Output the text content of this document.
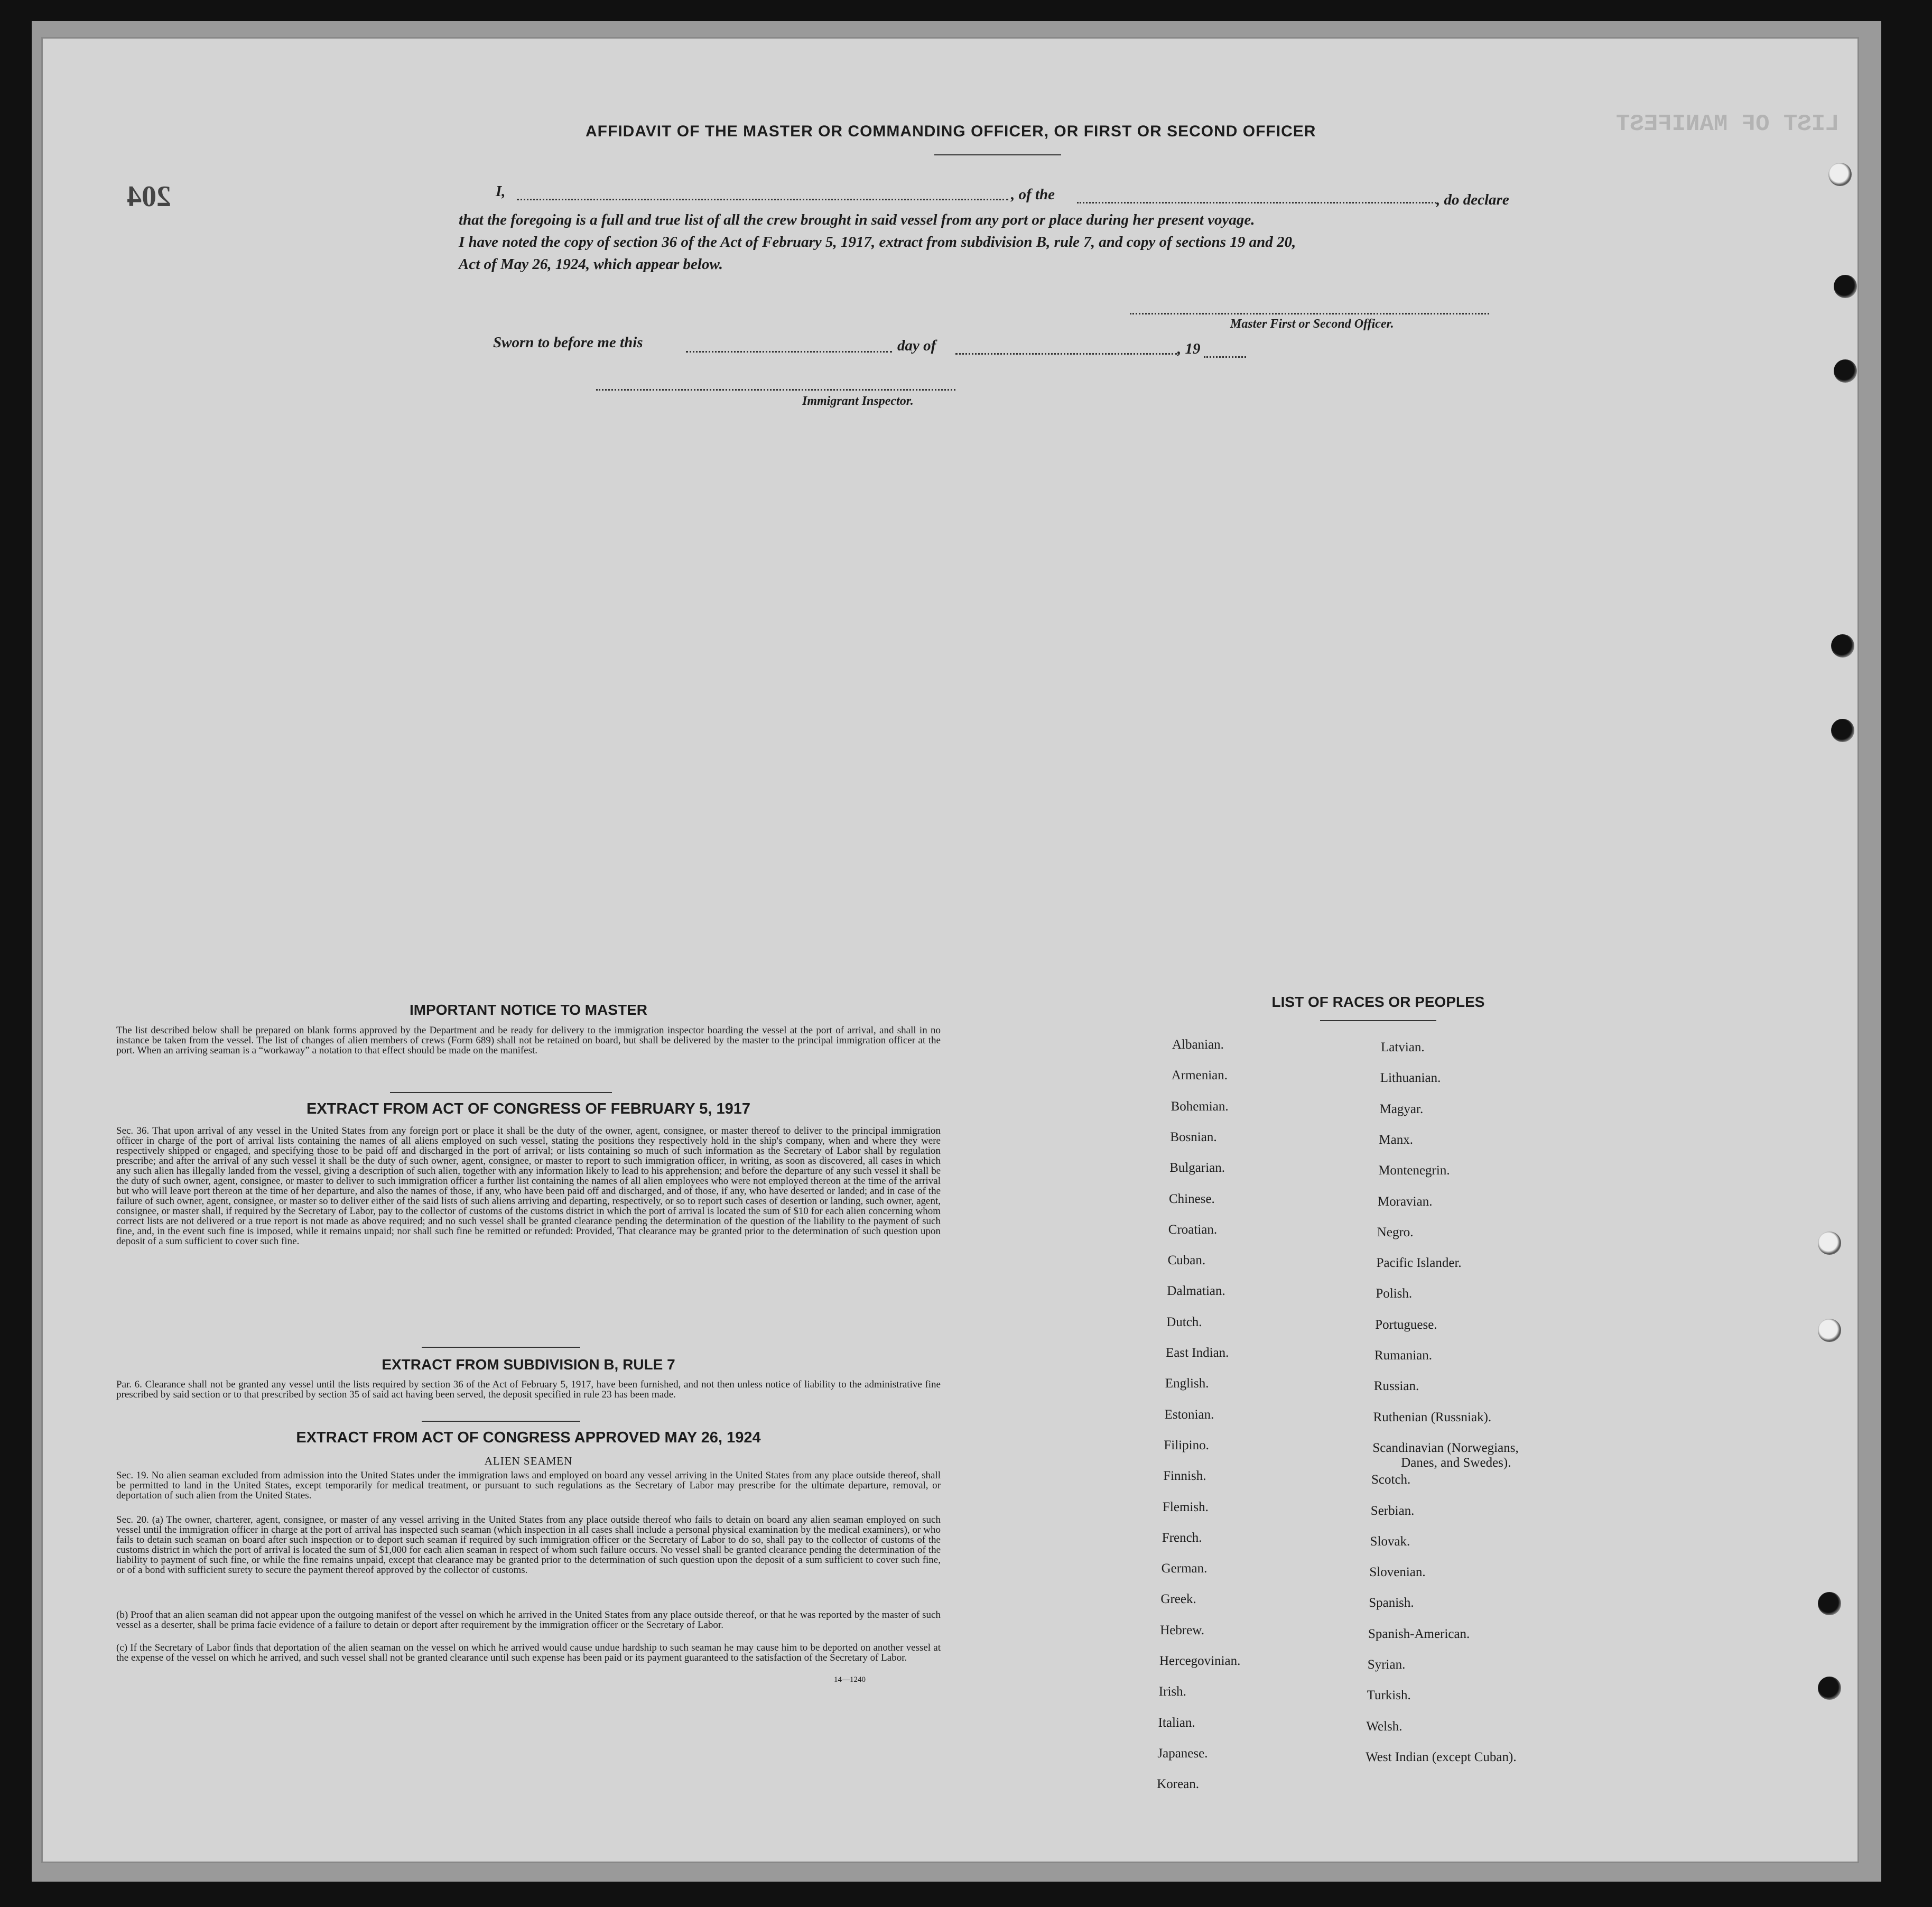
LIST OF MANIFEST
AFFIDAVIT OF THE MASTER OR COMMANDING OFFICER, OR FIRST OR SECOND OFFICER
204	I,	, of the	, do declare
that the foregoing is a full and true list of all the crew brought in said vessel from any port or place during her present voyage.
I have noted the copy of section 36 of the Act of February 5, 1917, extract from subdivision B, rule 7, and copy of sections 19 and 20,
Act of May 26, 1924, which appear below.
Master First or Second Officer.
Sworn to before me this	day of	, 19
Immigrant Inspector.
IMPORTANT NOTICE TO MASTER
The list described below shall be prepared on blank forms approved by the Department and be ready for delivery to the immigration inspector boarding the vessel at the port of arrival, and shall in no instance be taken from the vessel. The list of changes of alien members of crews (Form 689) shall not be retained on board, but shall be delivered by the master to the principal immigration officer at the port. When an arriving seaman is a “workaway” a notation to that effect should be made on the manifest.
EXTRACT FROM ACT OF CONGRESS OF FEBRUARY 5, 1917
Sec. 36. That upon arrival of any vessel in the United States from any foreign port or place it shall be the duty of the owner, agent, consignee, or master thereof to deliver to the principal immigration officer in charge of the port of arrival lists containing the names of all aliens employed on such vessel, stating the positions they respectively hold in the ship's company, when and where they were respectively shipped or engaged, and specifying those to be paid off and discharged in the port of arrival; or lists containing so much of such information as the Secretary of Labor shall by regulation prescribe; and after the arrival of any such vessel it shall be the duty of such owner, agent, consignee, or master to report to such immigration officer, in writing, as soon as discovered, all cases in which any such alien has illegally landed from the vessel, giving a description of such alien, together with any information likely to lead to his apprehension; and before the departure of any such vessel it shall be the duty of such owner, agent, consignee, or master to deliver to such immigration officer a further list containing the names of all alien employees who were not employed thereon at the time of the arrival but who will leave port thereon at the time of her departure, and also the names of those, if any, who have been paid off and discharged, and of those, if any, who have deserted or landed; and in case of the failure of such owner, agent, consignee, or master so to deliver either of the said lists of such aliens arriving and departing, respectively, or so to report such cases of desertion or landing, such owner, agent, consignee, or master shall, if required by the Secretary of Labor, pay to the collector of customs of the customs district in which the port of arrival is located the sum of $10 for each alien concerning whom correct lists are not delivered or a true report is not made as above required; and no such vessel shall be granted clearance pending the determination of the question of the liability to the payment of such fine, and, in the event such fine is imposed, while it remains unpaid; nor shall such fine be remitted or refunded: Provided, That clearance may be granted prior to the determination of such question upon deposit of a sum sufficient to cover such fine.
EXTRACT FROM SUBDIVISION B, RULE 7
Par. 6. Clearance shall not be granted any vessel until the lists required by section 36 of the Act of February 5, 1917, have been furnished, and not then unless notice of liability to the administrative fine prescribed by said section or to that prescribed by section 35 of said act having been served, the deposit specified in rule 23 has been made.
EXTRACT FROM ACT OF CONGRESS APPROVED MAY 26, 1924
ALIEN SEAMEN
Sec. 19. No alien seaman excluded from admission into the United States under the immigration laws and employed on board any vessel arriving in the United States from any place outside thereof, shall be permitted to land in the United States, except temporarily for medical treatment, or pursuant to such regulations as the Secretary of Labor may prescribe for the ultimate departure, removal, or deportation of such alien from the United States.
Sec. 20. (a) The owner, charterer, agent, consignee, or master of any vessel arriving in the United States from any place outside thereof who fails to detain on board any alien seaman employed on such vessel until the immigration officer in charge at the port of arrival has inspected such seaman (which inspection in all cases shall include a personal physical examination by the medical examiners), or who fails to detain such seaman on board after such inspection or to deport such seaman if required by such immigration officer or the Secretary of Labor to do so, shall pay to the collector of customs of the customs district in which the port of arrival is located the sum of $1,000 for each alien seaman in respect of whom such failure occurs. No vessel shall be granted clearance pending the determination of the liability to payment of such fine, or while the fine remains unpaid, except that clearance may be granted prior to the determination of such question upon the deposit of a sum sufficient to cover such fine, or of a bond with sufficient surety to secure the payment thereof approved by the collector of customs.
(b) Proof that an alien seaman did not appear upon the outgoing manifest of the vessel on which he arrived in the United States from any place outside thereof, or that he was reported by the master of such vessel as a deserter, shall be prima facie evidence of a failure to detain or deport after requirement by the immigration officer or the Secretary of Labor.
(c) If the Secretary of Labor finds that deportation of the alien seaman on the vessel on which he arrived would cause undue hardship to such seaman he may cause him to be deported on another vessel at the expense of the vessel on which he arrived, and such vessel shall not be granted clearance until such expense has been paid or its payment guaranteed to the satisfaction of the Secretary of Labor.
14—1240
LIST OF RACES OR PEOPLES
Albanian.
Armenian.
Bohemian.
Bosnian.
Bulgarian.
Chinese.
Croatian.
Cuban.
Dalmatian.
Dutch.
East Indian.
English.
Estonian.
Filipino.
Finnish.
Flemish.
French.
German.
Greek.
Hebrew.
Hercegovinian.
Irish.
Italian.
Japanese.
Korean.
Latvian.
Lithuanian.
Magyar.
Manx.
Montenegrin.
Moravian.
Negro.
Pacific Islander.
Polish.
Portuguese.
Rumanian.
Russian.
Ruthenian (Russniak).
Scandinavian (Norwegians,
Danes, and Swedes).
Scotch.
Serbian.
Slovak.
Slovenian.
Spanish.
Spanish-American.
Syrian.
Turkish.
Welsh.
West Indian (except Cuban).
